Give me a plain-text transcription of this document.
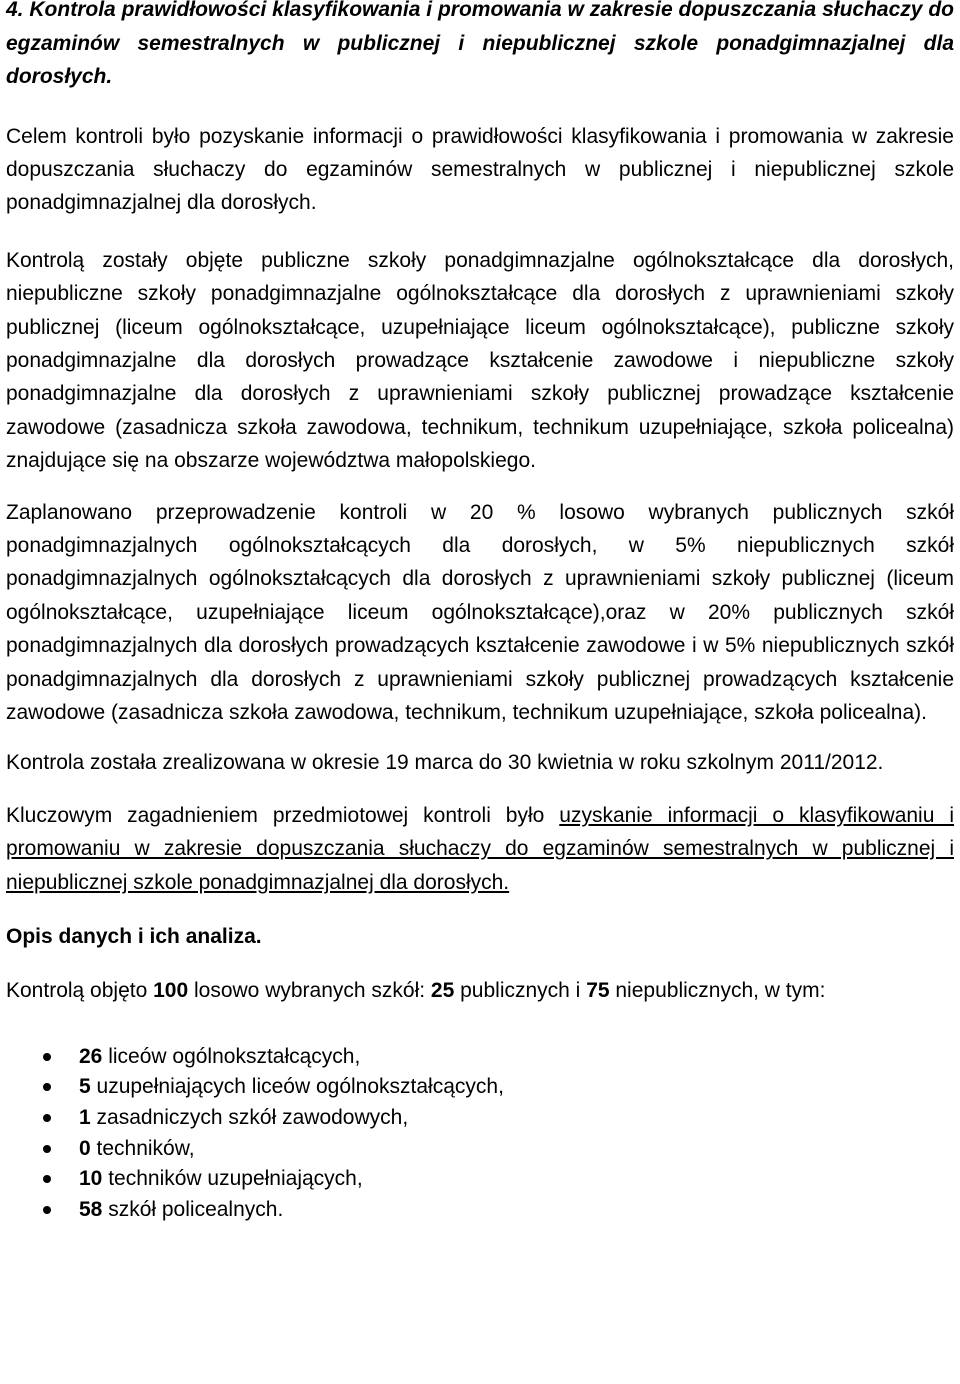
4. Kontrola prawidłowości klasyfikowania i promowania w zakresie dopuszczania słuchaczy do egzaminów semestralnych w publicznej i niepublicznej szkole ponadgimnazjalnej dla dorosłych.

Celem kontroli było pozyskanie informacji o prawidłowości klasyfikowania i promowania w zakresie dopuszczania słuchaczy do egzaminów semestralnych w publicznej i niepublicznej szkole ponadgimnazjalnej dla dorosłych.

Kontrolą zostały objęte publiczne szkoły ponadgimnazjalne ogólnokształcące dla dorosłych, niepubliczne szkoły ponadgimnazjalne ogólnokształcące dla dorosłych z uprawnieniami szkoły publicznej (liceum ogólnokształcące, uzupełniające liceum ogólnokształcące), publiczne szkoły ponadgimnazjalne dla dorosłych prowadzące kształcenie zawodowe i niepubliczne szkoły ponadgimnazjalne dla dorosłych z uprawnieniami szkoły publicznej prowadzące kształcenie zawodowe (zasadnicza szkoła zawodowa, technikum, technikum uzupełniające, szkoła policealna) znajdujące się na obszarze województwa małopolskiego.

Zaplanowano przeprowadzenie kontroli w 20 % losowo wybranych publicznych szkół ponadgimnazjalnych ogólnokształcących dla dorosłych, w 5% niepublicznych szkół ponadgimnazjalnych ogólnokształcących dla dorosłych z uprawnieniami szkoły publicznej (liceum ogólnokształcące, uzupełniające liceum ogólnokształcące),oraz w 20% publicznych szkół ponadgimnazjalnych dla dorosłych prowadzących kształcenie zawodowe i w 5% niepublicznych szkół ponadgimnazjalnych dla dorosłych z uprawnieniami szkoły publicznej prowadzących kształcenie zawodowe (zasadnicza szkoła zawodowa, technikum, technikum uzupełniające, szkoła policealna).

Kontrola została zrealizowana w okresie 19 marca do 30 kwietnia w roku szkolnym 2011/2012.

Kluczowym zagadnieniem przedmiotowej kontroli było uzyskanie informacji o klasyfikowaniu i promowaniu w zakresie dopuszczania słuchaczy do egzaminów semestralnych w publicznej i niepublicznej szkole ponadgimnazjalnej dla dorosłych.

Opis danych i ich analiza.

Kontrolą objęto 100 losowo wybranych szkół: 25 publicznych i 75 niepublicznych, w tym:

26 liceów ogólnokształcących,
5 uzupełniających liceów ogólnokształcących,
1 zasadniczych szkół zawodowych,
0 techników,
10 techników uzupełniających,
58 szkół policealnych.
